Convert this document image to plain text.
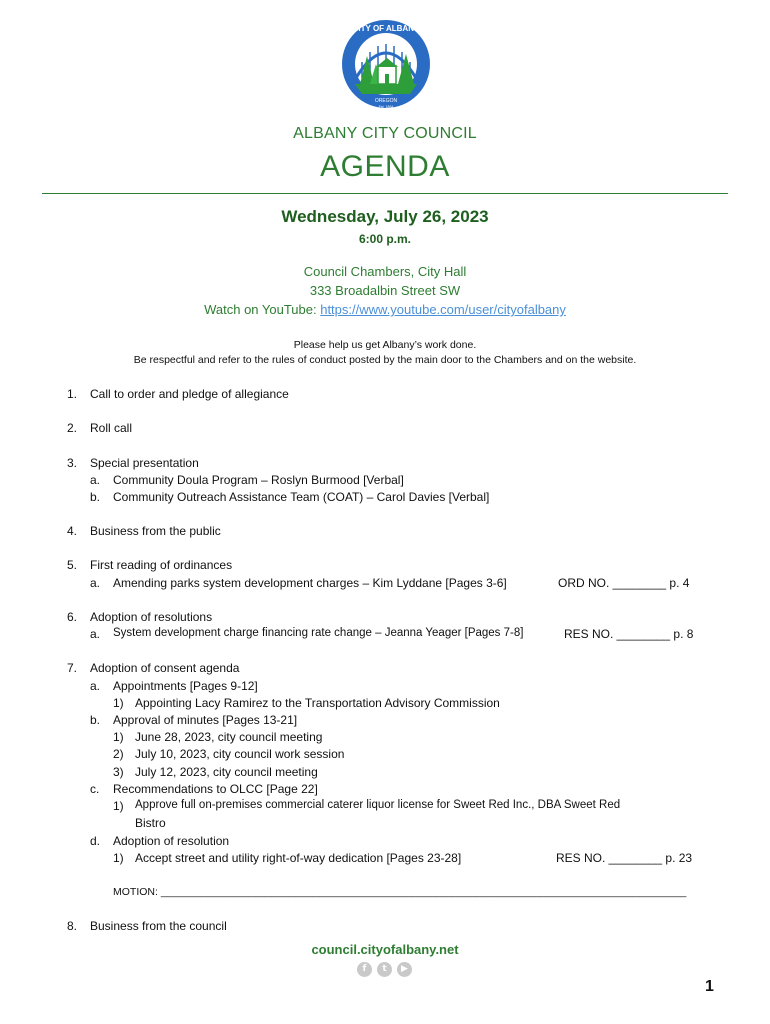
CITY OF ALBANY
OREGON
Est. 1864
ALBANY CITY COUNCIL
AGENDA
Wednesday, July 26, 2023
6:00 p.m.
Council Chambers, City Hall
333 Broadalbin Street SW
Watch on YouTube: https://www.youtube.com/user/cityofalbany
Please help us get Albany’s work done.
Be respectful and refer to the rules of conduct posted by the main door to the Chambers and on the website.
1. Call to order and pledge of allegiance
2. Roll call
3. Special presentation
a. Community Doula Program – Roslyn Burmood [Verbal]
b. Community Outreach Assistance Team (COAT) – Carol Davies [Verbal]
4. Business from the public
5. First reading of ordinances
a. Amending parks system development charges – Kim Lyddane [Pages 3-6]	ORD NO. ________ p. 4
6. Adoption of resolutions
a. System development charge financing rate change – Jeanna Yeager [Pages 7-8]	RES NO. ________ p. 8
7. Adoption of consent agenda
a. Appointments [Pages 9-12]
1) Appointing Lacy Ramirez to the Transportation Advisory Commission
b. Approval of minutes [Pages 13-21]
1) June 28, 2023, city council meeting
2) July 10, 2023, city council work session
3) July 12, 2023, city council meeting
c. Recommendations to OLCC [Page 22]
1) Approve full on-premises commercial caterer liquor license for Sweet Red Inc., DBA Sweet Red
Bistro
d. Adoption of resolution
1) Accept street and utility right-of-way dedication [Pages 23-28]	RES NO. ________ p. 23
MOTION: __________________________________________________________________________________________
8. Business from the council
council.cityofalbany.net
f	t	▶
1
